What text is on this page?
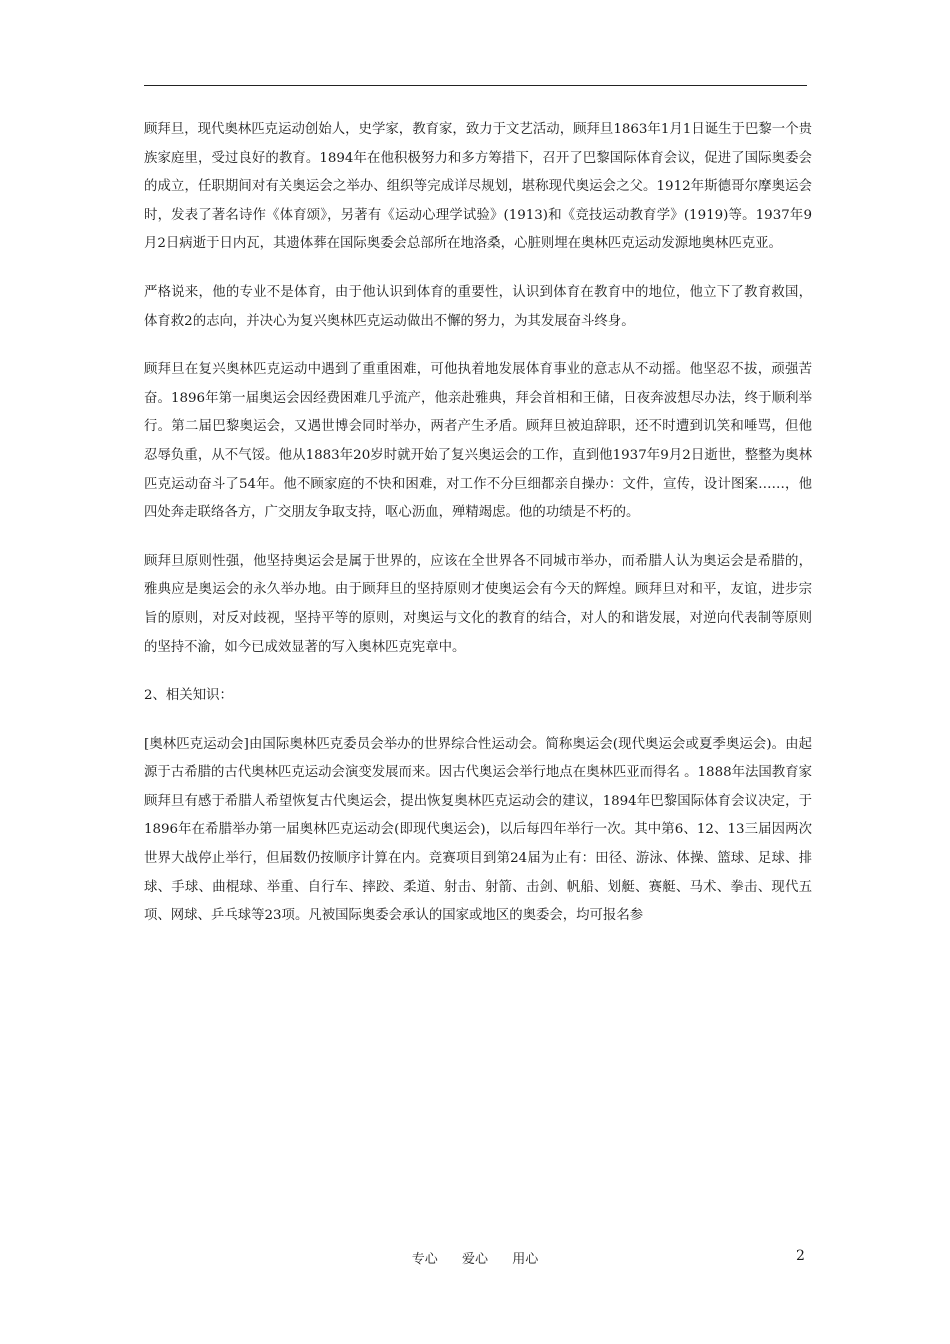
顾拜旦，现代奥林匹克运动创始人，史学家，教育家，致力于文艺活动，顾拜旦1863年1月1日诞生于巴黎一个贵族家庭里，受过良好的教育。1894年在他积极努力和多方筹措下，召开了巴黎国际体育会议，促进了国际奥委会的成立，任职期间对有关奥运会之举办、组织等完成详尽规划，堪称现代奥运会之父。1912年斯德哥尔摩奥运会时，发表了著名诗作《体育颂》，另著有《运动心理学试验》(1913)和《竞技运动教育学》(1919)等。1937年9月2日病逝于日内瓦，其遗体葬在国际奥委会总部所在地洛桑，心脏则埋在奥林匹克运动发源地奥林匹克亚。

严格说来，他的专业不是体育，由于他认识到体育的重要性，认识到体育在教育中的地位，他立下了教育救国，体育救2的志向，并决心为复兴奥林匹克运动做出不懈的努力，为其发展奋斗终身。

顾拜旦在复兴奥林匹克运动中遇到了重重困难，可他执着地发展体育事业的意志从不动摇。他坚忍不拔，顽强苦奋。1896年第一届奥运会因经费困难几乎流产，他亲赴雅典，拜会首相和王储，日夜奔波想尽办法，终于顺利举行。第二届巴黎奥运会，又遇世博会同时举办，两者产生矛盾。顾拜旦被迫辞职，还不时遭到讥笑和唾骂，但他忍辱负重，从不气馁。他从1883年20岁时就开始了复兴奥运会的工作，直到他1937年9月2日逝世，整整为奥林匹克运动奋斗了54年。他不顾家庭的不快和困难，对工作不分巨细都亲自操办：文件，宣传，设计图案……，他四处奔走联络各方，广交朋友争取支持，呕心沥血，殚精竭虑。他的功绩是不朽的。

顾拜旦原则性强，他坚持奥运会是属于世界的，应该在全世界各不同城市举办，而希腊人认为奥运会是希腊的，雅典应是奥运会的永久举办地。由于顾拜旦的坚持原则才使奥运会有今天的辉煌。顾拜旦对和平，友谊，进步宗旨的原则，对反对歧视，坚持平等的原则，对奥运与文化的教育的结合，对人的和谐发展，对逆向代表制等原则的坚持不渝，如今已成效显著的写入奥林匹克宪章中。

2、相关知识：

[奥林匹克运动会]由国际奥林匹克委员会举办的世界综合性运动会。简称奥运会(现代奥运会或夏季奥运会)。由起源于古希腊的古代奥林匹克运动会演变发展而来。因古代奥运会举行地点在奥林匹亚而得名 。1888年法国教育家顾拜旦有感于希腊人希望恢复古代奥运会，提出恢复奥林匹克运动会的建议，1894年巴黎国际体育会议决定，于1896年在希腊举办第一届奥林匹克运动会(即现代奥运会)，以后每四年举行一次。其中第6、12、13三届因两次世界大战停止举行，但届数仍按顺序计算在内。竞赛项目到第24届为止有：田径、游泳、体操、篮球、足球、排球、手球、曲棍球、举重、自行车、摔跤、柔道、射击、射箭、击剑、帆船、划艇、赛艇、马术、拳击、现代五项、网球、乒乓球等23项。凡被国际奥委会承认的国家或地区的奥委会，均可报名参

专心  爱心  用心	2
